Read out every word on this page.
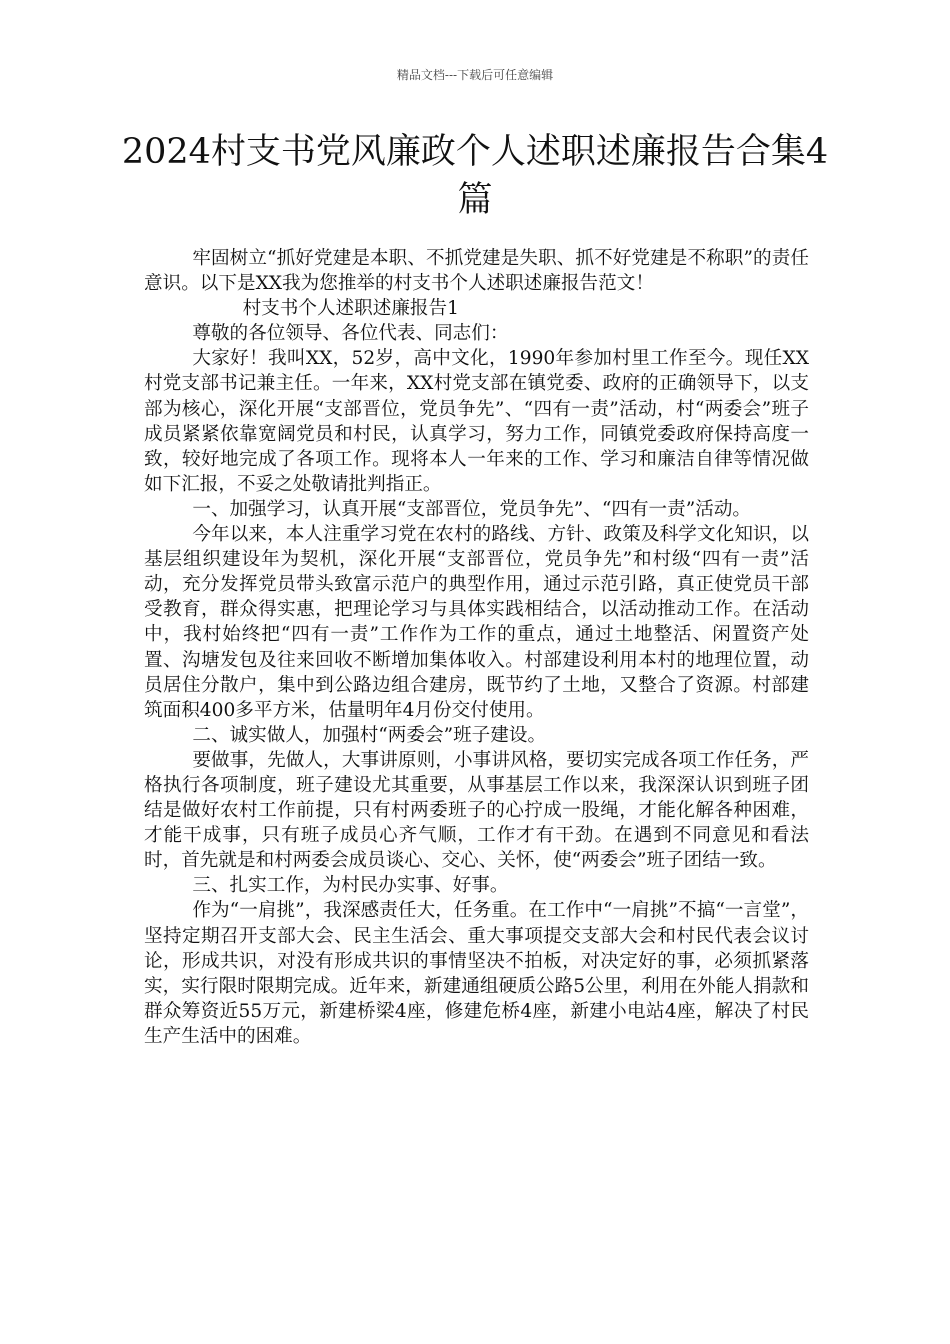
精品文档---下载后可任意编辑
2024村支书党风廉政个人述职述廉报告合集4篇

牢固树立“抓好党建是本职、不抓党建是失职、抓不好党建是不称职”的责任意识。以下是XX我为您推举的村支书个人述职述廉报告范文！

村支书个人述职述廉报告1

尊敬的各位领导、各位代表、同志们：

大家好！我叫XX，52岁，高中文化，1990年参加村里工作至今。现任XX村党支部书记兼主任。一年来，XX村党支部在镇党委、政府的正确领导下，以支部为核心，深化开展“支部晋位，党员争先”、“四有一责”活动，村“两委会”班子成员紧紧依靠宽阔党员和村民，认真学习，努力工作，同镇党委政府保持高度一致，较好地完成了各项工作。现将本人一年来的工作、学习和廉洁自律等情况做如下汇报，不妥之处敬请批判指正。

一、加强学习，认真开展“支部晋位，党员争先”、“四有一责”活动。

今年以来，本人注重学习党在农村的路线、方针、政策及科学文化知识，以基层组织建设年为契机，深化开展“支部晋位，党员争先”和村级“四有一责”活动，充分发挥党员带头致富示范户的典型作用，通过示范引路，真正使党员干部受教育，群众得实惠，把理论学习与具体实践相结合，以活动推动工作。在活动中，我村始终把“四有一责”工作作为工作的重点，通过土地整活、闲置资产处置、沟塘发包及往来回收不断增加集体收入。村部建设利用本村的地理位置，动员居住分散户，集中到公路边组合建房，既节约了土地，又整合了资源。村部建筑面积400多平方米，估量明年4月份交付使用。

二、诚实做人，加强村“两委会”班子建设。

要做事，先做人，大事讲原则，小事讲风格，要切实完成各项工作任务，严格执行各项制度，班子建设尤其重要，从事基层工作以来，我深深认识到班子团结是做好农村工作前提，只有村两委班子的心拧成一股绳，才能化解各种困难，才能干成事，只有班子成员心齐气顺，工作才有干劲。在遇到不同意见和看法时，首先就是和村两委会成员谈心、交心、关怀，使“两委会”班子团结一致。

三、扎实工作，为村民办实事、好事。

作为“一肩挑”，我深感责任大，任务重。在工作中“一肩挑”不搞“一言堂”，坚持定期召开支部大会、民主生活会、重大事项提交支部大会和村民代表会议讨论，形成共识，对没有形成共识的事情坚决不拍板，对决定好的事，必须抓紧落实，实行限时限期完成。近年来，新建通组硬质公路5公里，利用在外能人捐款和群众筹资近55万元，新建桥梁4座，修建危桥4座，新建小电站4座，解决了村民生产生活中的困难。
